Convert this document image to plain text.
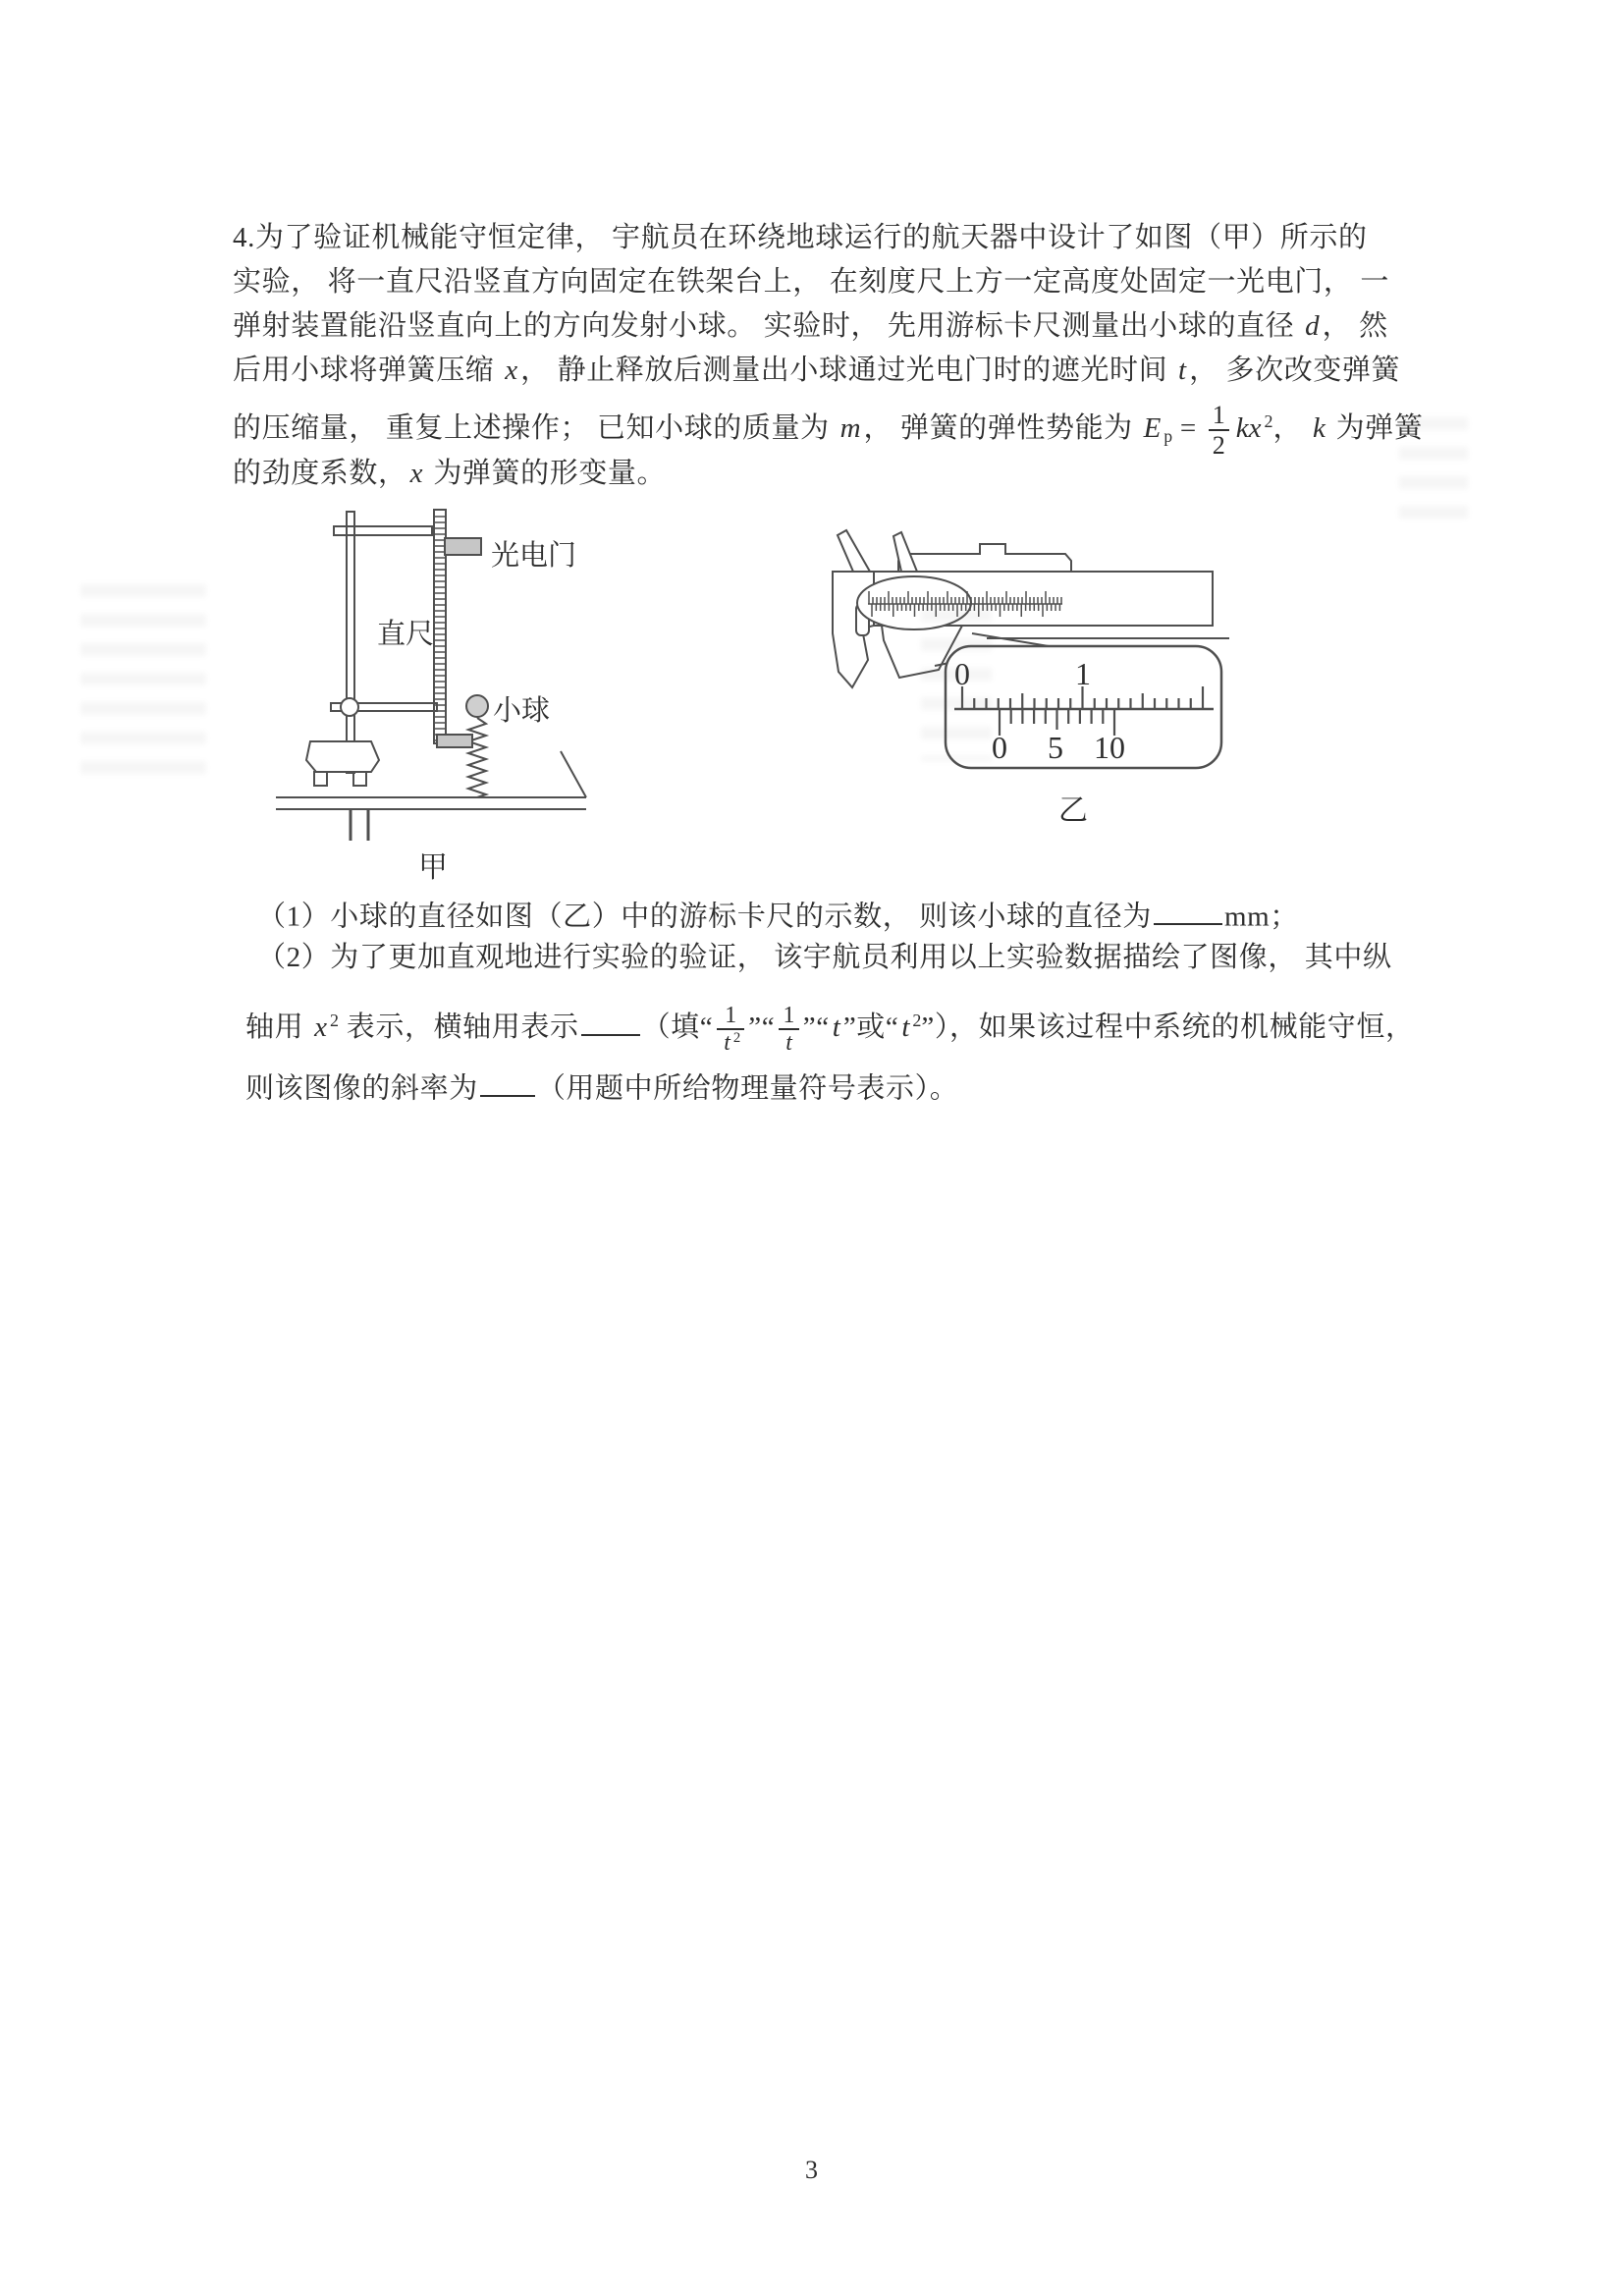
4.为了验证机械能守恒定律， 宇航员在环绕地球运行的航天器中设计了如图（甲）所示的
实验， 将一直尺沿竖直方向固定在铁架台上， 在刻度尺上方一定高度处固定一光电门， 一
弹射装置能沿竖直向上的方向发射小球。 实验时， 先用游标卡尺测量出小球的直径 d ， 然
后用小球将弹簧压缩 x ， 静止释放后测量出小球通过光电门时的遮光时间 t ， 多次改变弹簧
的压缩量， 重复上述操作； 已知小球的质量为 m ， 弹簧的弹性势能为 E $_p = \frac{1}{2}$ kx $^2$， k 为弹簧
的劲度系数， x 为弹簧的形变量。
光电门
直尺
小球
甲
0	1
0 5 10
乙
（1）小球的直径如图（乙）中的游标卡尺的示数， 则该小球的直径为	mm；
（2）为了更加直观地进行实验的验证， 该宇航员利用以上实验数据描绘了图像， 其中纵
轴用 x $^2$ 表示，横轴用表示 （填“ $\frac{1}{t ^2}$ ”“ $\frac{1}{t}$ ”“ t ”或“ t $^2$”），如果该过程中系统的机械能守恒，
则该图像的斜率为 （用题中所给物理量符号表示）。
3
